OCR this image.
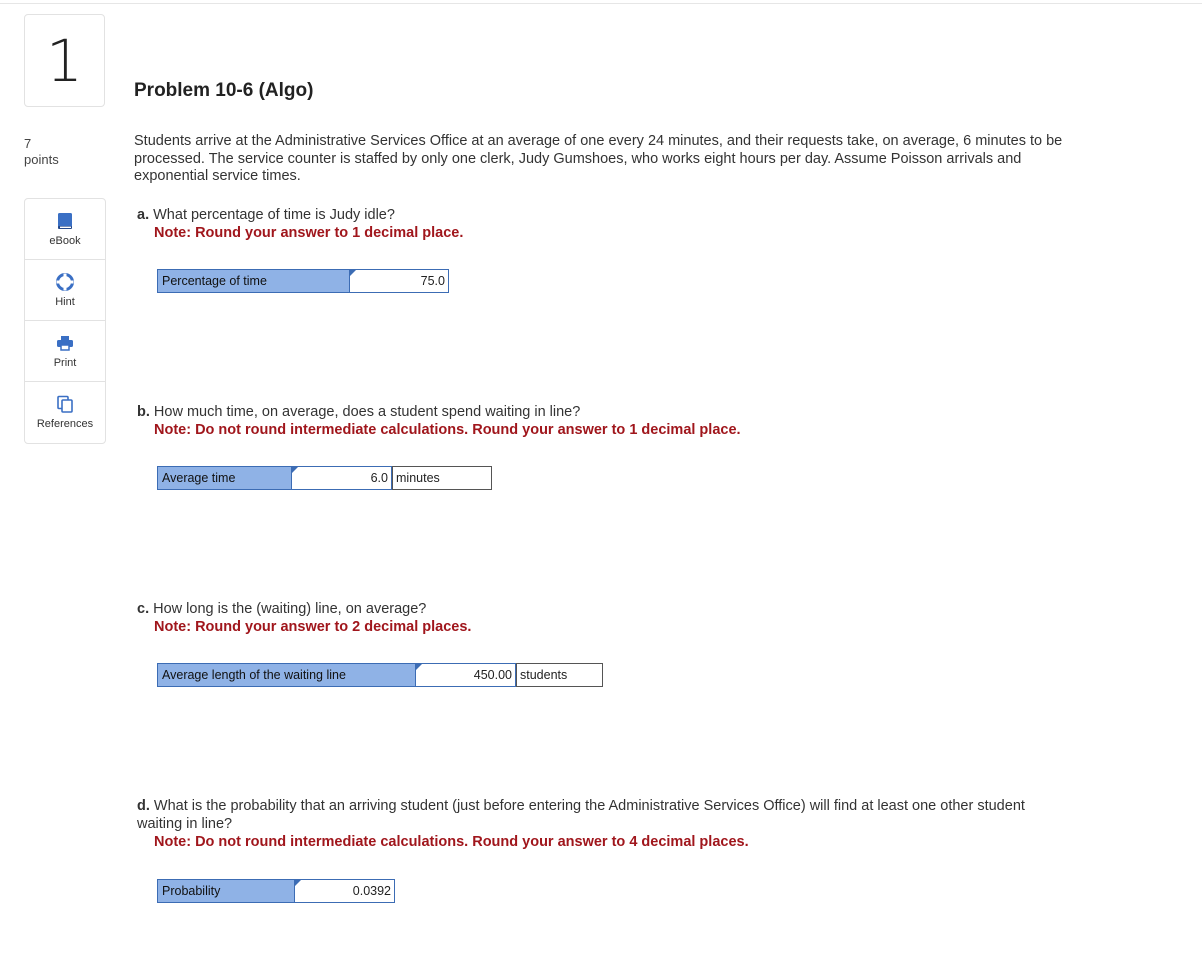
1
7
points
eBook
Hint
Print
References
Problem 10-6 (Algo)
Students arrive at the Administrative Services Office at an average of one every 24 minutes, and their requests take, on average, 6 minutes to be processed. The service counter is staffed by only one clerk, Judy Gumshoes, who works eight hours per day. Assume Poisson arrivals and exponential service times.
a. What percentage of time is Judy idle?
Note: Round your answer to 1 decimal place.
Percentage of time	75.0
b. How much time, on average, does a student spend waiting in line?
Note: Do not round intermediate calculations. Round your answer to 1 decimal place.
Average time	6.0 minutes
c. How long is the (waiting) line, on average?
Note: Round your answer to 2 decimal places.
Average length of the waiting line	450.00 students
d. What is the probability that an arriving student (just before entering the Administrative Services Office) will find at least one other student waiting in line?
Note: Do not round intermediate calculations. Round your answer to 4 decimal places.
Probability	0.0392
